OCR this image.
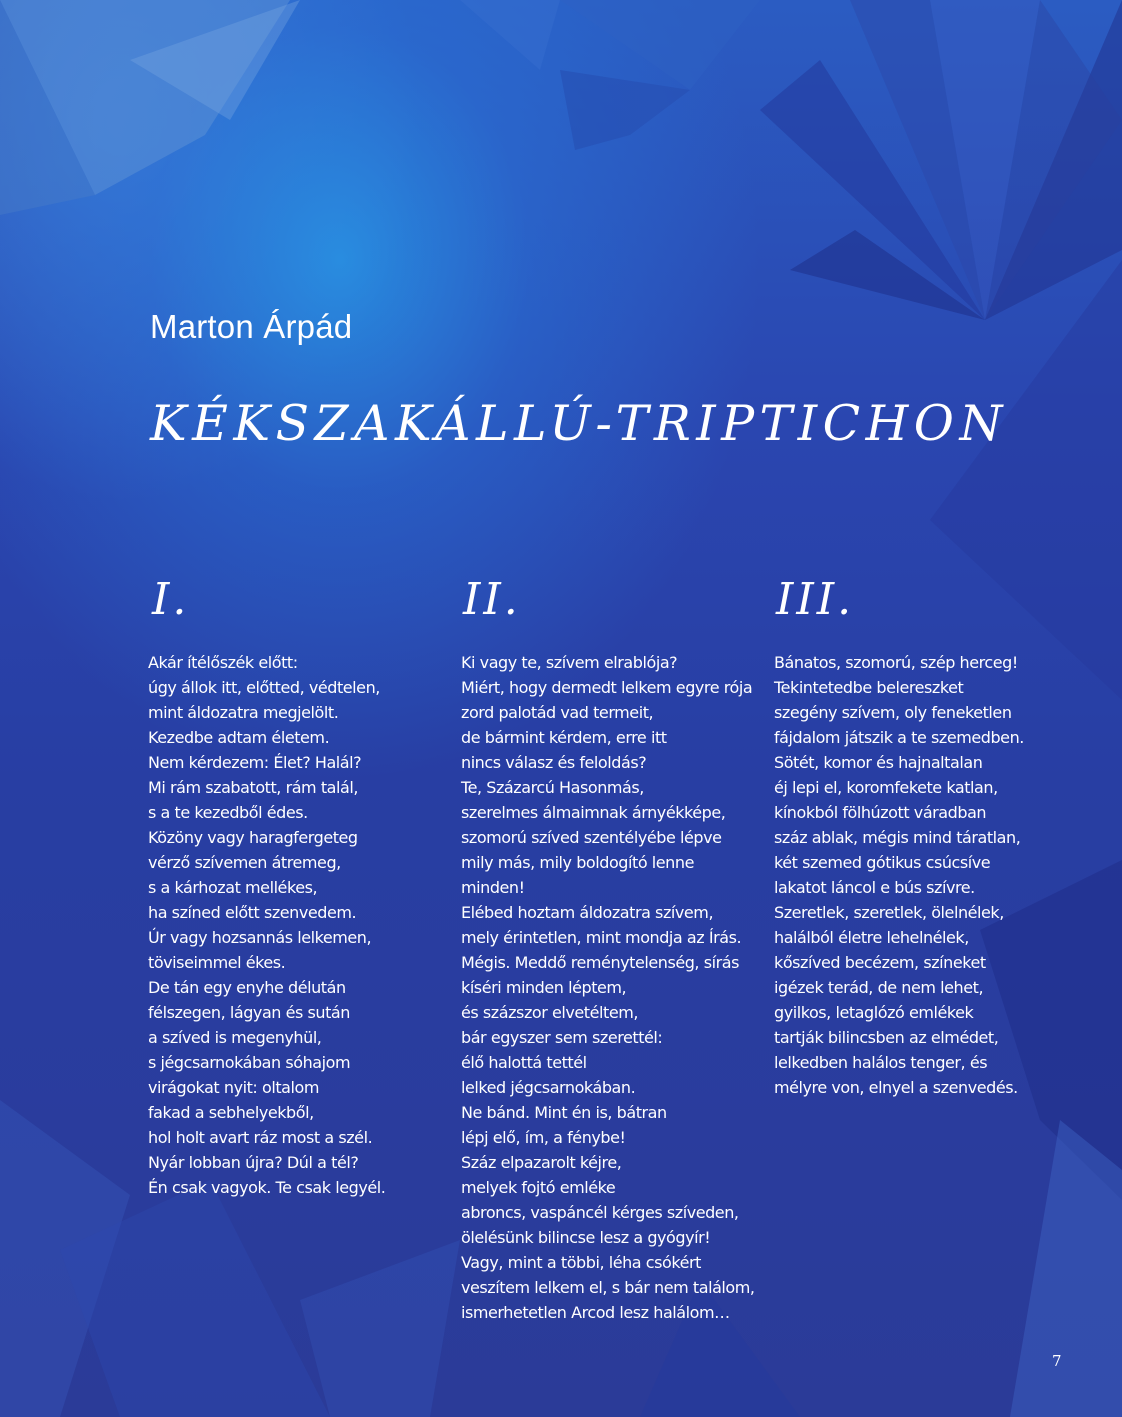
Marton Árpád
KÉKSZAKÁLLÚ-TRIPTICHON
I.	II.	III.
Akár ítélőszék előtt:
úgy állok itt, előtted, védtelen,
mint áldozatra megjelölt.
Kezedbe adtam életem.
Nem kérdezem: Élet? Halál?
Mi rám szabatott, rám talál,
s a te kezedből édes.
Közöny vagy haragfergeteg
vérző szívemen átremeg,
s a kárhozat mellékes,
ha színed előtt szenvedem.
Úr vagy hozsannás lelkemen,
töviseimmel ékes.
De tán egy enyhe délután
félszegen, lágyan és sután
a szíved is megenyhül,
s jégcsarnokában sóhajom
virágokat nyit: oltalom
fakad a sebhelyekből,
hol holt avart ráz most a szél.
Nyár lobban újra? Dúl a tél?
Én csak vagyok. Te csak legyél.
Ki vagy te, szívem elrablója?
Miért, hogy dermedt lelkem egyre rója
zord palotád vad termeit,
de bármint kérdem, erre itt
nincs válasz és feloldás?
Te, Százarcú Hasonmás,
szerelmes álmaimnak árnyékképe,
szomorú szíved szentélyébe lépve
mily más, mily boldogító lenne
minden!
Elébed hoztam áldozatra szívem,
mely érintetlen, mint mondja az Írás.
Mégis. Meddő reménytelenség, sírás
kíséri minden léptem,
és százszor elvetéltem,
bár egyszer sem szerettél:
élő halottá tettél
lelked jégcsarnokában.
Ne bánd. Mint én is, bátran
lépj elő, ím, a fénybe!
Száz elpazarolt kéjre,
melyek fojtó emléke
abroncs, vaspáncél kérges szíveden,
ölelésünk bilincse lesz a gyógyír!
Vagy, mint a többi, léha csókért
veszítem lelkem el, s bár nem találom,
ismerhetetlen Arcod lesz halálom…
Bánatos, szomorú, szép herceg!
Tekintetedbe belereszket
szegény szívem, oly feneketlen
fájdalom játszik a te szemedben.
Sötét, komor és hajnaltalan
éj lepi el, koromfekete katlan,
kínokból fölhúzott váradban
száz ablak, mégis mind táratlan,
két szemed gótikus csúcsíve
lakatot láncol e bús szívre.
Szeretlek, szeretlek, ölelnélek,
halálból életre lehelnélek,
kőszíved becézem, színeket
igézek terád, de nem lehet,
gyilkos, letaglózó emlékek
tartják bilincsben az elmédet,
lelkedben halálos tenger, és
mélyre von, elnyel a szenvedés.
7
